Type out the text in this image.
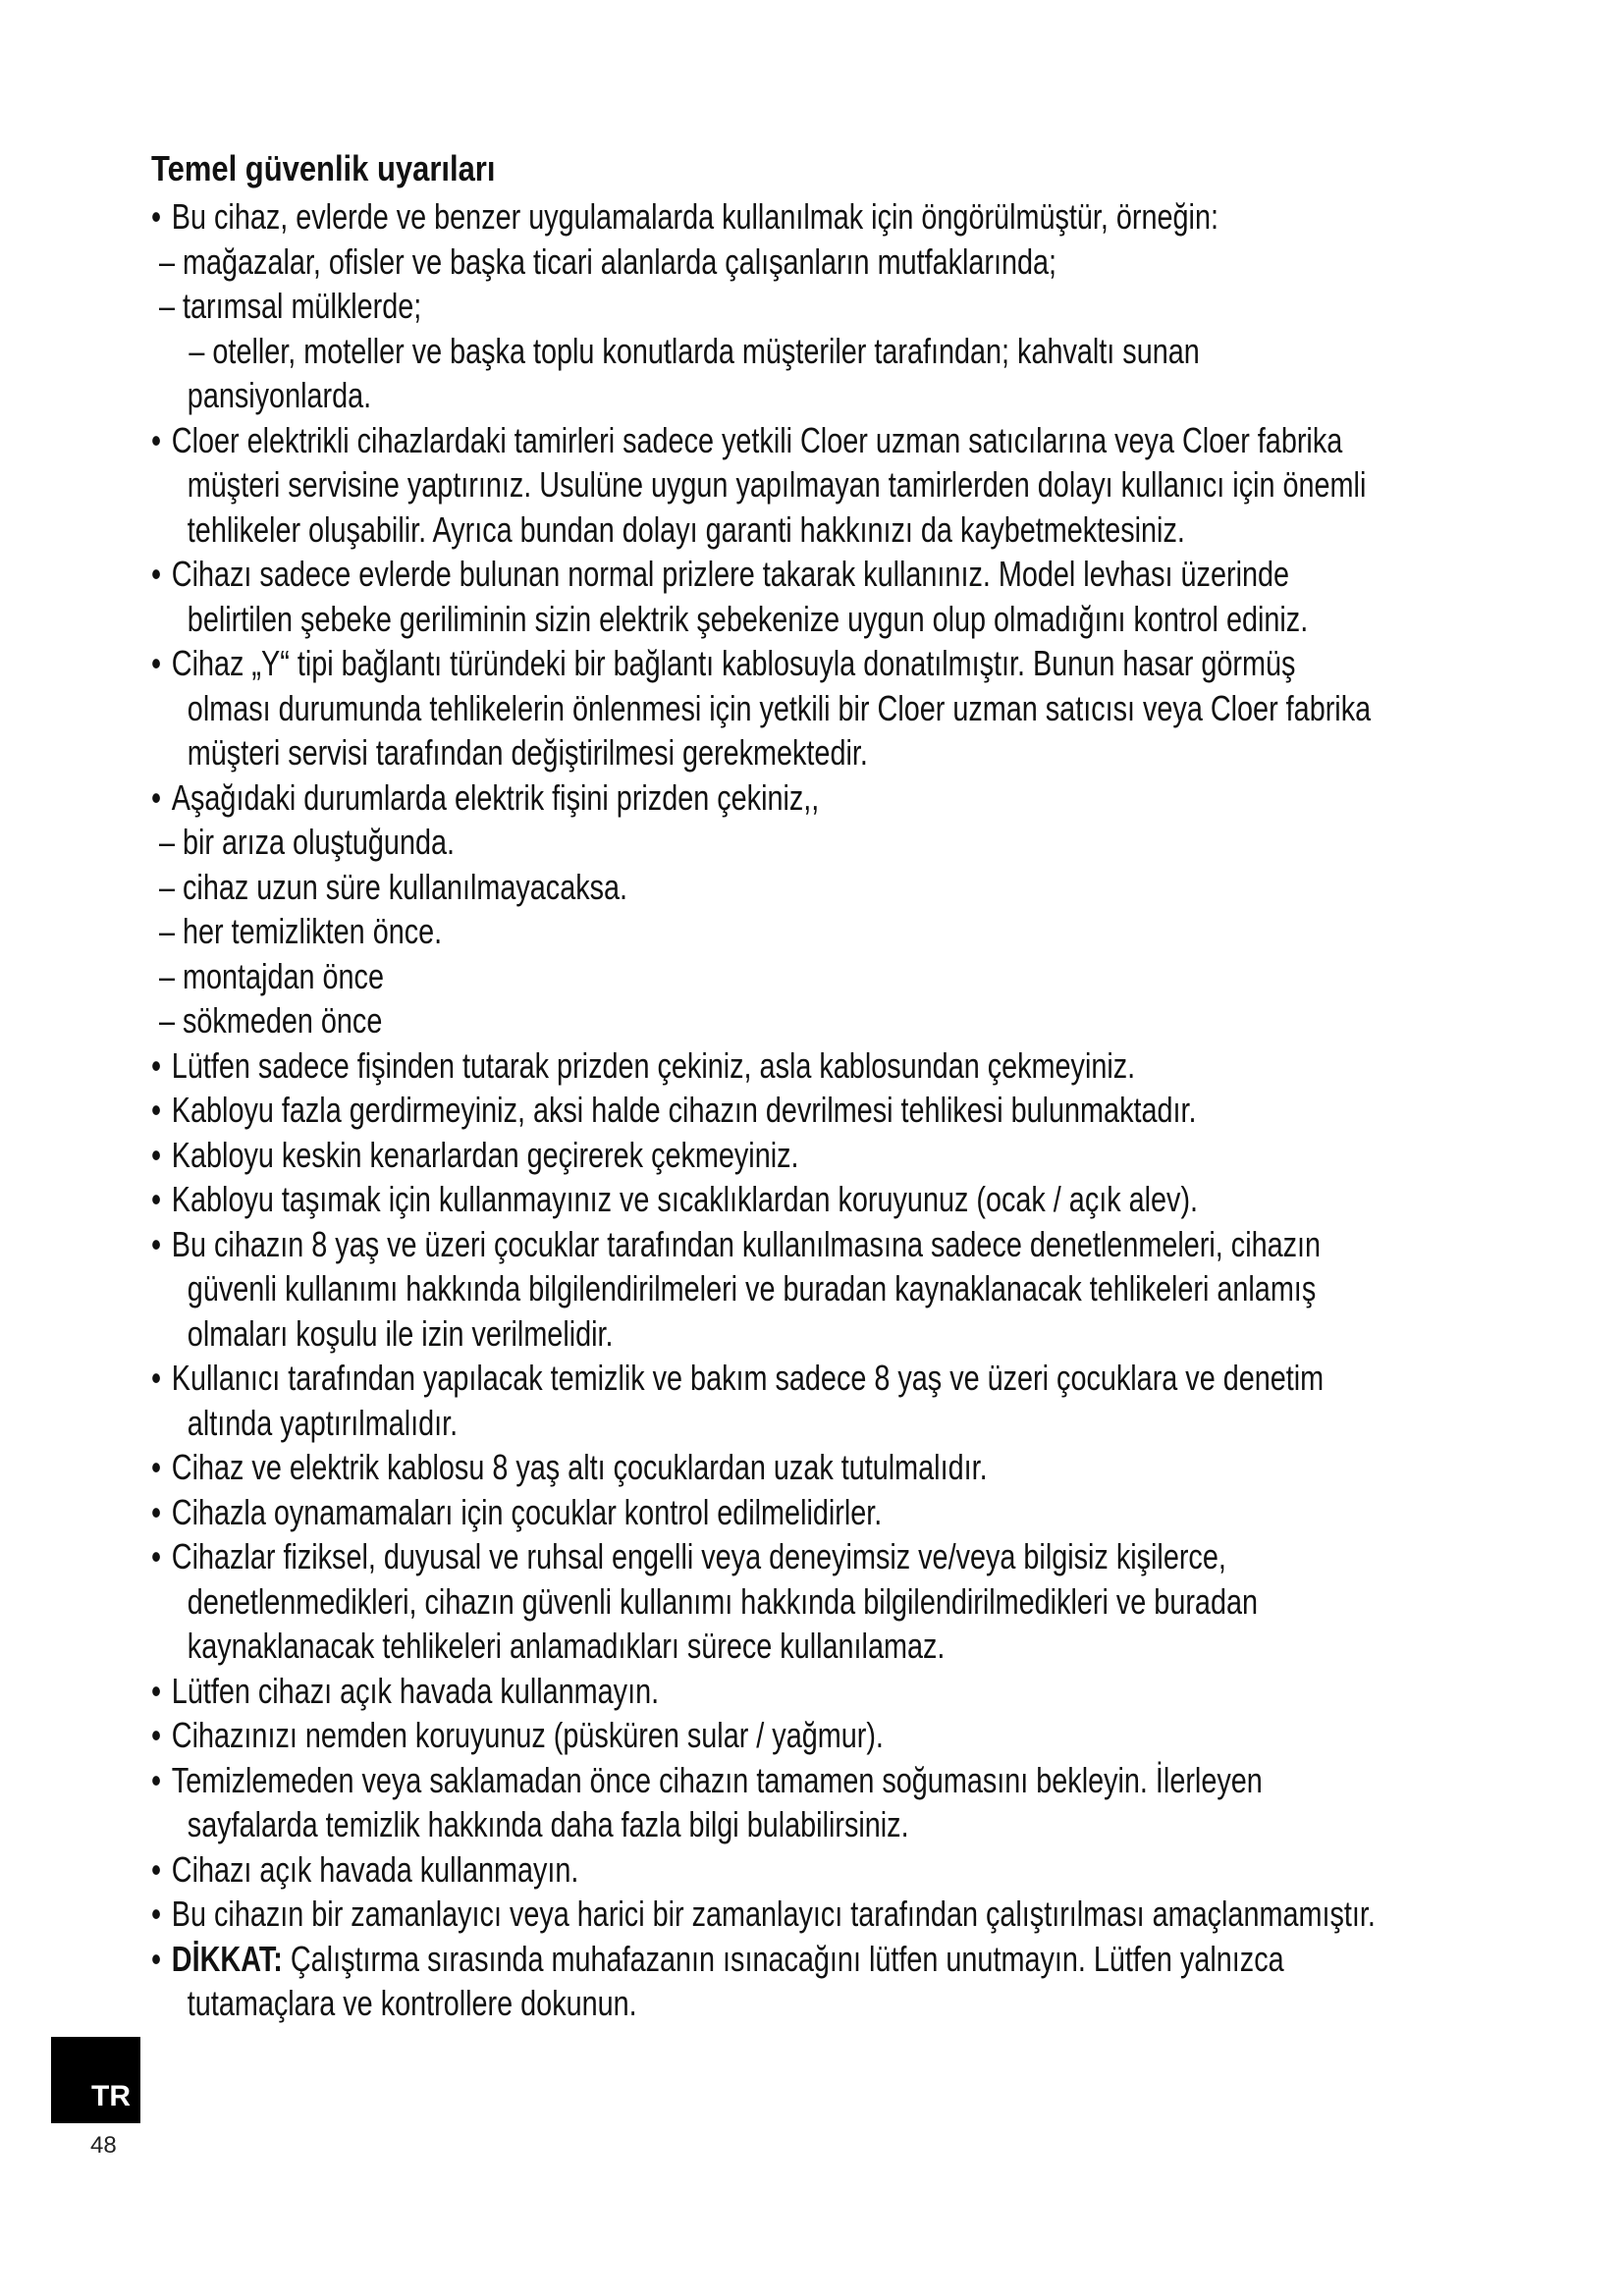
Temel güvenlik uyarıları
• Bu cihaz, evlerde ve benzer uygulamalarda kullanılmak için öngörülmüştür, örneğin:
– mağazalar, ofisler ve başka ticari alanlarda çalışanların mutfaklarında;
– tarımsal mülklerde;
– oteller, moteller ve başka toplu konutlarda müşteriler tarafından; kahvaltı sunan
pansiyonlarda.
• Cloer elektrikli cihazlardaki tamirleri sadece yetkili Cloer uzman satıcılarına veya Cloer fabrika
müşteri servisine yaptırınız. Usulüne uygun yapılmayan tamirlerden dolayı kullanıcı için önemli
tehlikeler oluşabilir. Ayrıca bundan dolayı garanti hakkınızı da kaybetmektesiniz.
• Cihazı sadece evlerde bulunan normal prizlere takarak kullanınız. Model levhası üzerinde
belirtilen şebeke geriliminin sizin elektrik şebekenize uygun olup olmadığını kontrol ediniz.
• Cihaz „Y“ tipi bağlantı türündeki bir bağlantı kablosuyla donatılmıştır. Bunun hasar görmüş
olması durumunda tehlikelerin önlenmesi için yetkili bir Cloer uzman satıcısı veya Cloer fabrika
müşteri servisi tarafından değiştirilmesi gerekmektedir.
• Aşağıdaki durumlarda elektrik fişini prizden çekiniz,,
– bir arıza oluştuğunda.
– cihaz uzun süre kullanılmayacaksa.
– her temizlikten önce.
– montajdan önce
– sökmeden önce
• Lütfen sadece fişinden tutarak prizden çekiniz, asla kablosundan çekmeyiniz.
• Kabloyu fazla gerdirmeyiniz, aksi halde cihazın devrilmesi tehlikesi bulunmaktadır.
• Kabloyu keskin kenarlardan geçirerek çekmeyiniz.
• Kabloyu taşımak için kullanmayınız ve sıcaklıklardan koruyunuz (ocak / açık alev).
• Bu cihazın 8 yaş ve üzeri çocuklar tarafından kullanılmasına sadece denetlenmeleri, cihazın
güvenli kullanımı hakkında bilgilendirilmeleri ve buradan kaynaklanacak tehlikeleri anlamış
olmaları koşulu ile izin verilmelidir.
• Kullanıcı tarafından yapılacak temizlik ve bakım sadece 8 yaş ve üzeri çocuklara ve denetim
altında yaptırılmalıdır.
• Cihaz ve elektrik kablosu 8 yaş altı çocuklardan uzak tutulmalıdır.
• Cihazla oynamamaları için çocuklar kontrol edilmelidirler.
• Cihazlar fiziksel, duyusal ve ruhsal engelli veya deneyimsiz ve/veya bilgisiz kişilerce,
denetlenmedikleri, cihazın güvenli kullanımı hakkında bilgilendirilmedikleri ve buradan
kaynaklanacak tehlikeleri anlamadıkları sürece kullanılamaz.
• Lütfen cihazı açık havada kullanmayın.
• Cihazınızı nemden koruyunuz (püsküren sular / yağmur).
• Temizlemeden veya saklamadan önce cihazın tamamen soğumasını bekleyin. İlerleyen
sayfalarda temizlik hakkında daha fazla bilgi bulabilirsiniz.
• Cihazı açık havada kullanmayın.
• Bu cihazın bir zamanlayıcı veya harici bir zamanlayıcı tarafından çalıştırılması amaçlanmamıştır.
• DİKKAT: Çalıştırma sırasında muhafazanın ısınacağını lütfen unutmayın. Lütfen yalnızca
tutamaçlara ve kontrollere dokunun.
TR
48
